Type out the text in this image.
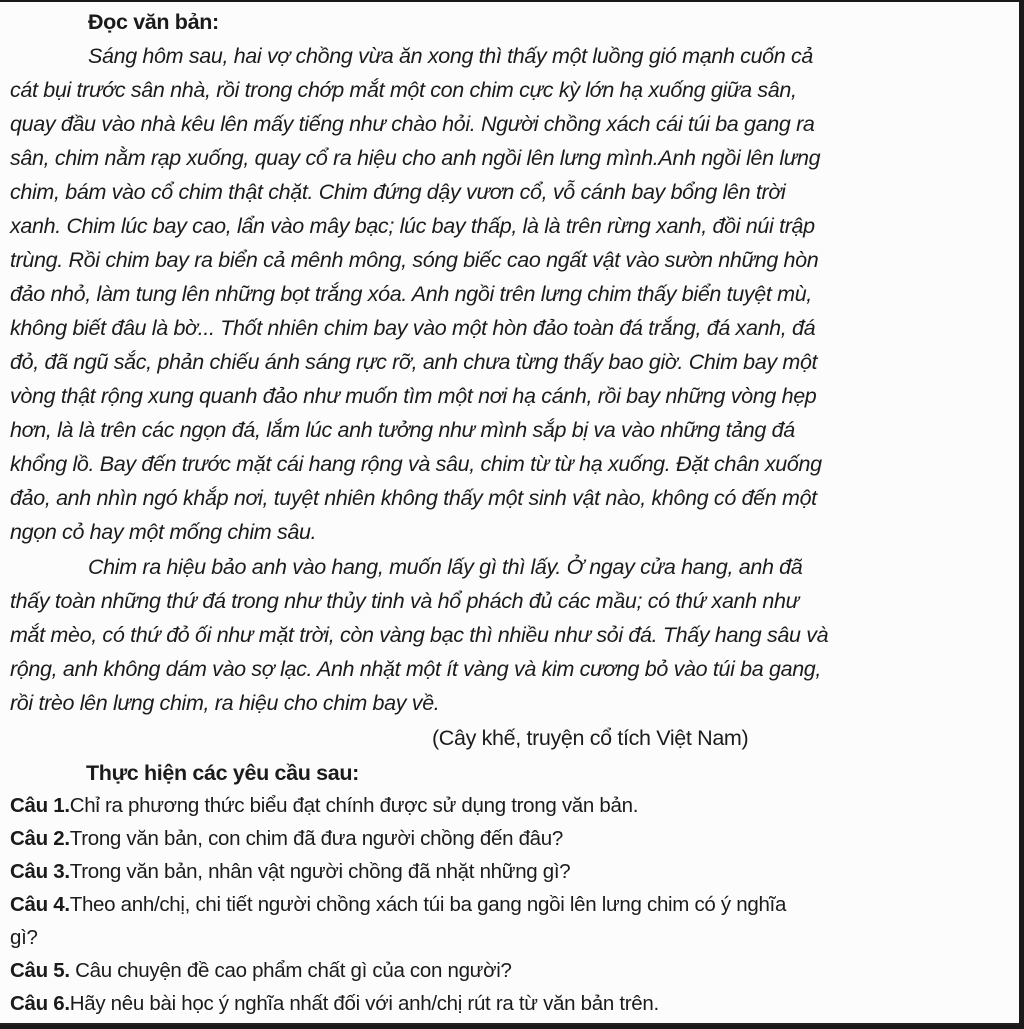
Đọc văn bản:
Sáng hôm sau, hai vợ chồng vừa ăn xong thì thấy một luồng gió mạnh cuốn cả
cát bụi trước sân nhà, rồi trong chớp mắt một con chim cực kỳ lớn hạ xuống giữa sân,
quay đầu vào nhà kêu lên mấy tiếng như chào hỏi. Người chồng xách cái túi ba gang ra
sân, chim nằm rạp xuống, quay cổ ra hiệu cho anh ngồi lên lưng mình.Anh ngồi lên lưng
chim, bám vào cổ chim thật chặt. Chim đứng dậy vươn cổ, vỗ cánh bay bổng lên trời
xanh. Chim lúc bay cao, lẩn vào mây bạc; lúc bay thấp, là là trên rừng xanh, đồi núi trập
trùng. Rồi chim bay ra biển cả mênh mông, sóng biếc cao ngất vật vào sườn những hòn
đảo nhỏ, làm tung lên những bọt trắng xóa. Anh ngồi trên lưng chim thấy biển tuyệt mù,
không biết đâu là bờ... Thốt nhiên chim bay vào một hòn đảo toàn đá trắng, đá xanh, đá
đỏ, đã ngũ sắc, phản chiếu ánh sáng rực rỡ, anh chưa từng thấy bao giờ. Chim bay một
vòng thật rộng xung quanh đảo như muốn tìm một nơi hạ cánh, rồi bay những vòng hẹp
hơn, là là trên các ngọn đá, lắm lúc anh tưởng như mình sắp bị va vào những tảng đá
khổng lồ. Bay đến trước mặt cái hang rộng và sâu, chim từ từ hạ xuống. Đặt chân xuống
đảo, anh nhìn ngó khắp nơi, tuyệt nhiên không thấy một sinh vật nào, không có đến một
ngọn cỏ hay một mống chim sâu.
Chim ra hiệu bảo anh vào hang, muốn lấy gì thì lấy. Ở ngay cửa hang, anh đã
thấy toàn những thứ đá trong như thủy tinh và hổ phách đủ các mầu; có thứ xanh như
mắt mèo, có thứ đỏ ối như mặt trời, còn vàng bạc thì nhiều như sỏi đá. Thấy hang sâu và
rộng, anh không dám vào sợ lạc. Anh nhặt một ít vàng và kim cương bỏ vào túi ba gang,
rồi trèo lên lưng chim, ra hiệu cho chim bay về.
(Cây khế, truyện cổ tích Việt Nam)
Thực hiện các yêu cầu sau:
Câu 1.Chỉ ra phương thức biểu đạt chính được sử dụng trong văn bản.
Câu 2.Trong văn bản, con chim đã đưa người chồng đến đâu?
Câu 3.Trong văn bản, nhân vật người chồng đã nhặt những gì?
Câu 4.Theo anh/chị, chi tiết người chồng xách túi ba gang ngồi lên lưng chim có ý nghĩa
gì?
Câu 5. Câu chuyện đề cao phẩm chất gì của con người?
Câu 6.Hãy nêu bài học ý nghĩa nhất đối với anh/chị rút ra từ văn bản trên.
